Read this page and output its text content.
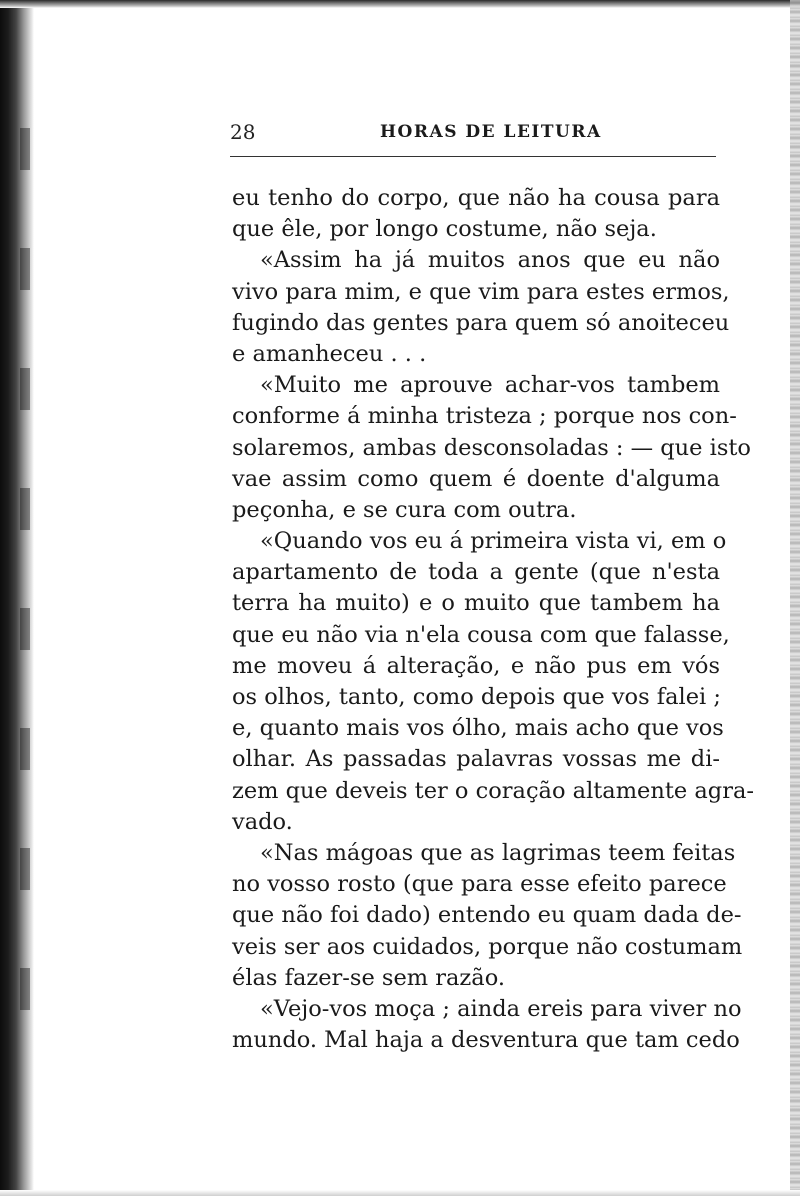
28	HORAS DE LEITURA
eu tenho do corpo, que não ha cousa para
que êle, por longo costume, não seja.
«Assim ha já muitos anos que eu não
vivo para mim, e que vim para estes ermos,
fugindo das gentes para quem só anoiteceu
e amanheceu . . .
«Muito me aprouve achar-vos tambem
conforme á minha tristeza ; porque nos con-
solaremos, ambas desconsoladas : — que isto
vae assim como quem é doente d'alguma
peçonha, e se cura com outra.
«Quando vos eu á primeira vista vi, em o
apartamento de toda a gente (que n'esta
terra ha muito) e o muito que tambem ha
que eu não via n'ela cousa com que falasse,
me moveu á alteração, e não pus em vós
os olhos, tanto, como depois que vos falei ;
e, quanto mais vos ólho, mais acho que vos
olhar. As passadas palavras vossas me di-
zem que deveis ter o coração altamente agra-
vado.
«Nas mágoas que as lagrimas teem feitas
no vosso rosto (que para esse efeito parece
que não foi dado) entendo eu quam dada de-
veis ser aos cuidados, porque não costumam
élas fazer-se sem razão.
«Vejo-vos moça ; ainda ereis para viver no
mundo. Mal haja a desventura que tam cedo
